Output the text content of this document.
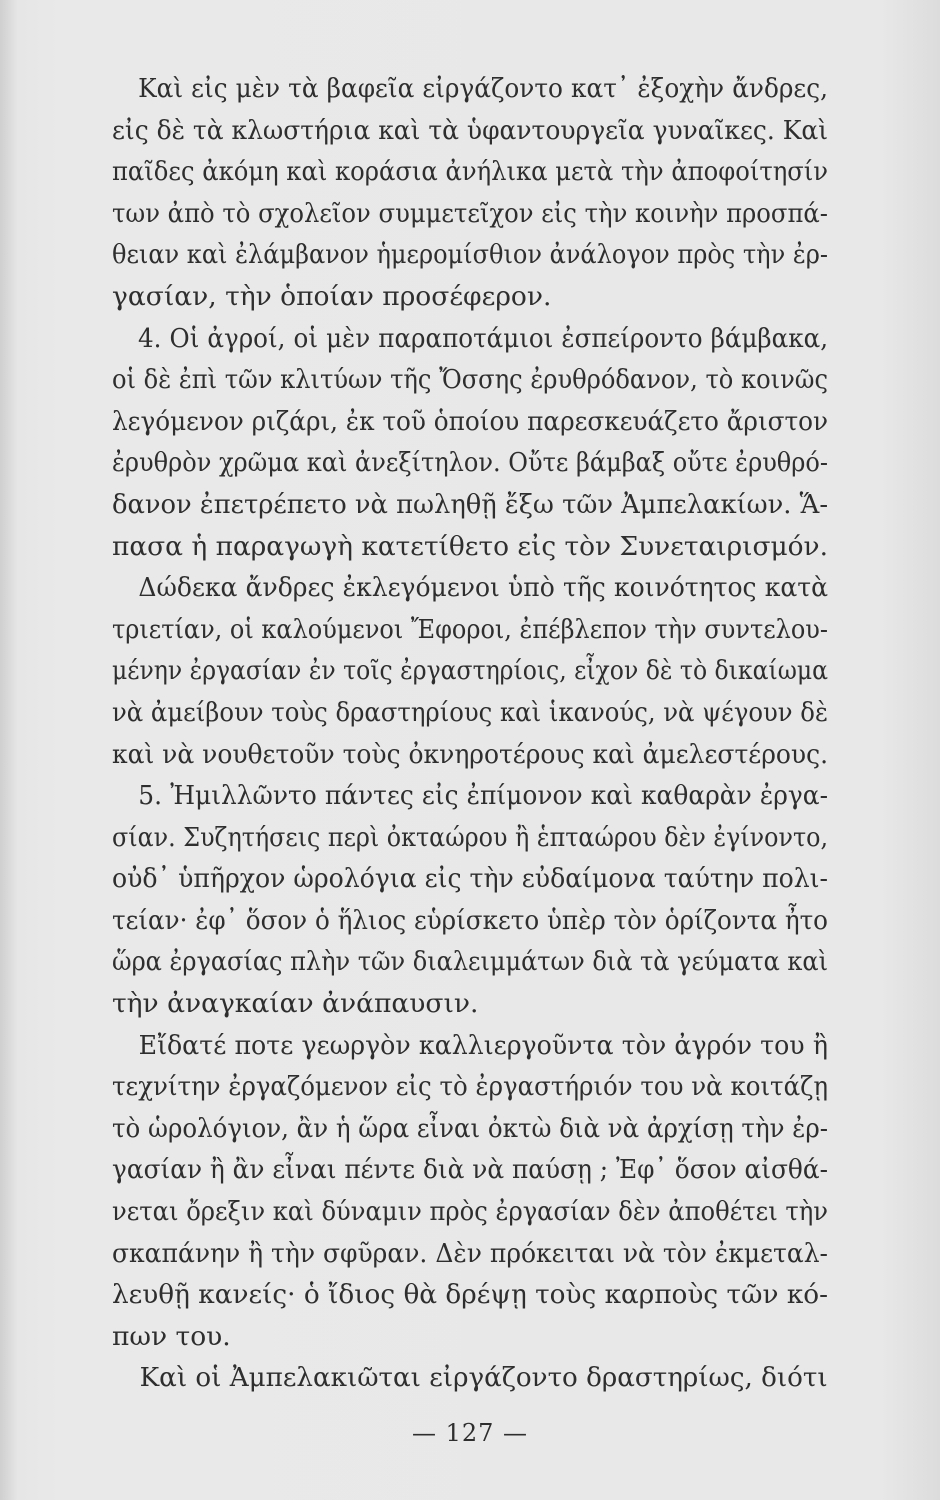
Καὶ εἰς μὲν τὰ βαφεῖα εἰργάζοντο κατ᾽ ἐξοχὴν ἄνδρες,
εἰς δὲ τὰ κλωστήρια καὶ τὰ ὑφαντουργεῖα γυναῖκες. Καὶ
παῖδες ἀκόμη καὶ κοράσια ἀνήλικα μετὰ τὴν ἀποφοίτησίν
των ἀπὸ τὸ σχολεῖον συμμετεῖχον εἰς τὴν κοινὴν προσπά-
θειαν καὶ ἐλάμβανον ἡμερομίσθιον ἀνάλογον πρὸς τὴν ἐρ-
γασίαν, τὴν ὁποίαν προσέφερον.
4. Οἱ ἀγροί, οἱ μὲν παραποτάμιοι ἐσπείροντο βάμβακα,
οἱ δὲ ἐπὶ τῶν κλιτύων τῆς Ὄσσης ἐρυθρόδανον, τὸ κοινῶς
λεγόμενον ριζάρι, ἐκ τοῦ ὁποίου παρεσκευάζετο ἄριστον
ἐρυθρὸν χρῶμα καὶ ἀνεξίτηλον. Οὔτε βάμβαξ οὔτε ἐρυθρό-
δανον ἐπετρέπετο νὰ πωληθῇ ἔξω τῶν Ἀμπελακίων. Ἅ-
πασα ἡ παραγωγὴ κατετίθετο εἰς τὸν Συνεταιρισμόν.
Δώδεκα ἄνδρες ἐκλεγόμενοι ὑπὸ τῆς κοινότητος κατὰ
τριετίαν, οἱ καλούμενοι Ἔφοροι, ἐπέβλεπον τὴν συντελου-
μένην ἐργασίαν ἐν τοῖς ἐργαστηρίοις, εἶχον δὲ τὸ δικαίωμα
νὰ ἀμείβουν τοὺς δραστηρίους καὶ ἱκανούς, νὰ ψέγουν δὲ
καὶ νὰ νουθετοῦν τοὺς ὀκνηροτέρους καὶ ἀμελεστέρους.
5. Ἠμιλλῶντο πάντες εἰς ἐπίμονον καὶ καθαρὰν ἐργα-
σίαν. Συζητήσεις περὶ ὀκταώρου ἢ ἑπταώρου δὲν ἐγίνοντο,
οὐδ᾽ ὑπῆρχον ὡρολόγια εἰς τὴν εὐδαίμονα ταύτην πολι-
τείαν· ἐφ᾽ ὅσον ὁ ἥλιος εὑρίσκετο ὑπὲρ τὸν ὁρίζοντα ἦτο
ὥρα ἐργασίας πλὴν τῶν διαλειμμάτων διὰ τὰ γεύματα καὶ
τὴν ἀναγκαίαν ἀνάπαυσιν.
Εἴδατέ ποτε γεωργὸν καλλιεργοῦντα τὸν ἀγρόν του ἢ
τεχνίτην ἐργαζόμενον εἰς τὸ ἐργαστήριόν του νὰ κοιτάζῃ
τὸ ὡρολόγιον, ἂν ἡ ὥρα εἶναι ὀκτὼ διὰ νὰ ἀρχίσῃ τὴν ἐρ-
γασίαν ἢ ἂν εἶναι πέντε διὰ νὰ παύσῃ ; Ἐφ᾽ ὅσον αἰσθά-
νεται ὄρεξιν καὶ δύναμιν πρὸς ἐργασίαν δὲν ἀποθέτει τὴν
σκαπάνην ἢ τὴν σφῦραν. Δὲν πρόκειται νὰ τὸν ἐκμεταλ-
λευθῇ κανείς· ὁ ἴδιος θὰ δρέψῃ τοὺς καρποὺς τῶν κό-
πων του.
Καὶ οἱ Ἀμπελακιῶται εἰργάζοντο δραστηρίως, διότι
— 127 —
